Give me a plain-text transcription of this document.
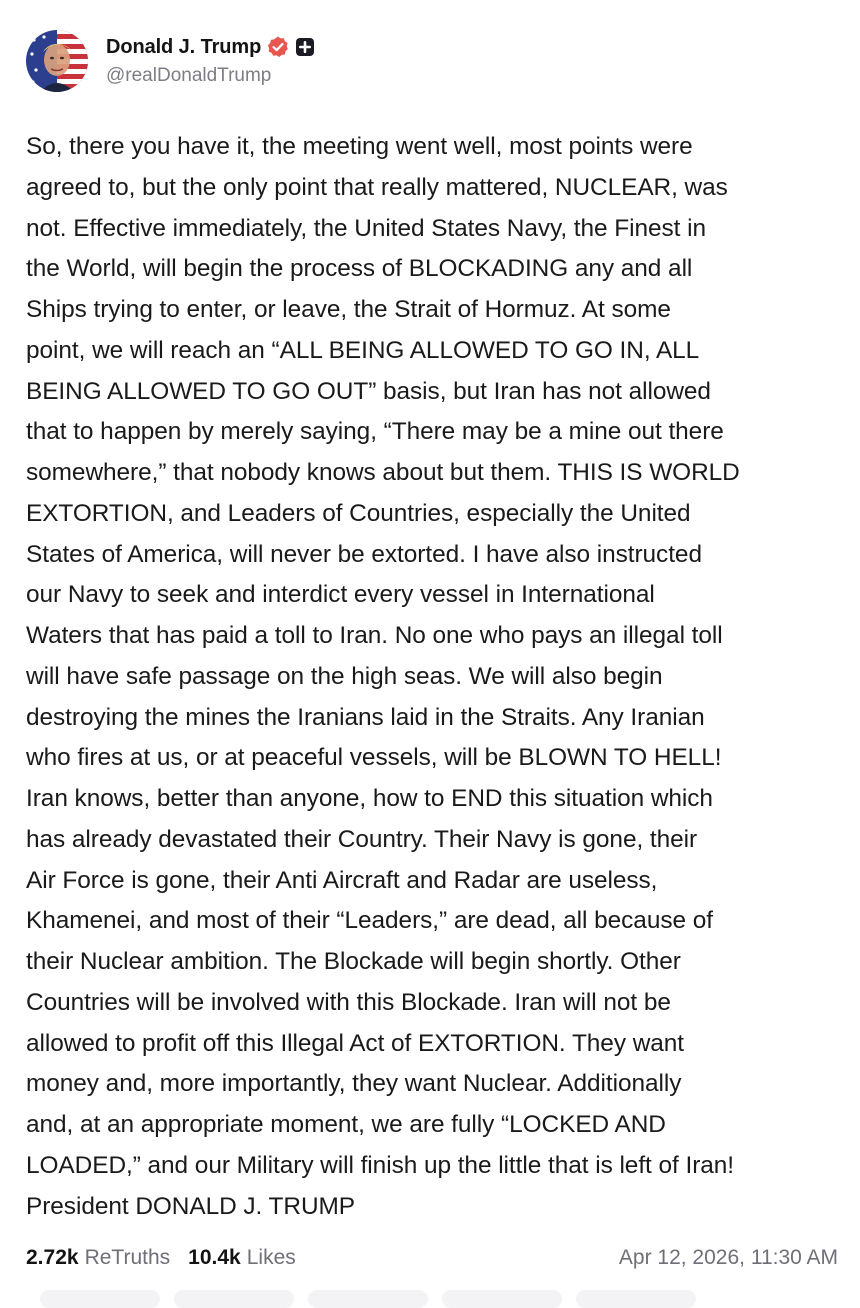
Donald J. Trump
@realDonaldTrump
So, there you have it, the meeting went well, most points were
agreed to, but the only point that really mattered, NUCLEAR, was
not. Effective immediately, the United States Navy, the Finest in
the World, will begin the process of BLOCKADING any and all
Ships trying to enter, or leave, the Strait of Hormuz. At some
point, we will reach an “ALL BEING ALLOWED TO GO IN, ALL
BEING ALLOWED TO GO OUT” basis, but Iran has not allowed
that to happen by merely saying, “There may be a mine out there
somewhere,” that nobody knows about but them. THIS IS WORLD
EXTORTION, and Leaders of Countries, especially the United
States of America, will never be extorted. I have also instructed
our Navy to seek and interdict every vessel in International
Waters that has paid a toll to Iran. No one who pays an illegal toll
will have safe passage on the high seas. We will also begin
destroying the mines the Iranians laid in the Straits. Any Iranian
who fires at us, or at peaceful vessels, will be BLOWN TO HELL!
Iran knows, better than anyone, how to END this situation which
has already devastated their Country. Their Navy is gone, their
Air Force is gone, their Anti Aircraft and Radar are useless,
Khamenei, and most of their “Leaders,” are dead, all because of
their Nuclear ambition. The Blockade will begin shortly. Other
Countries will be involved with this Blockade. Iran will not be
allowed to profit off this Illegal Act of EXTORTION. They want
money and, more importantly, they want Nuclear. Additionally
and, at an appropriate moment, we are fully “LOCKED AND
LOADED,” and our Military will finish up the little that is left of Iran!
President DONALD J. TRUMP
2.72k ReTruths 10.4k Likes	Apr 12, 2026, 11:30 AM
